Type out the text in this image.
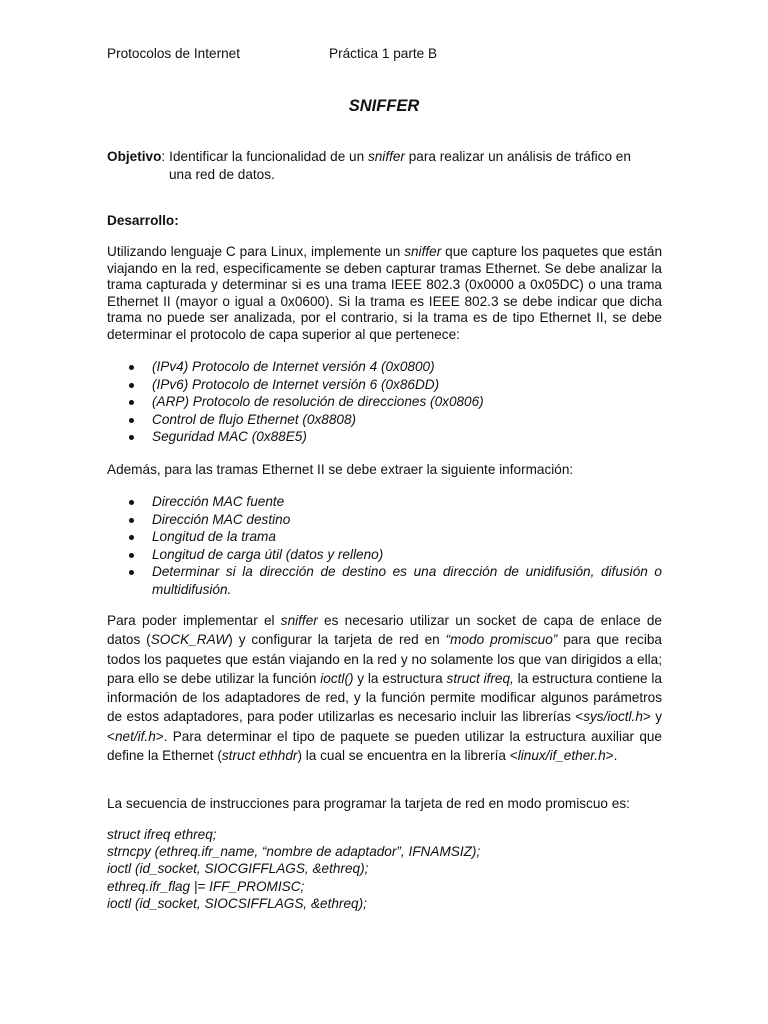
Protocolos de Internet	Práctica 1 parte B
SNIFFER
Objetivo: Identificar la funcionalidad de un sniffer para realizar un análisis de tráfico en
una red de datos.
Desarrollo:
Utilizando lenguaje C para Linux, implemente un sniffer que capture los paquetes que están viajando en la red, especificamente se deben capturar tramas Ethernet. Se debe analizar la trama capturada y determinar si es una trama IEEE 802.3 (0x0000 a 0x05DC) o una trama Ethernet II (mayor o igual a 0x0600). Si la trama es IEEE 802.3 se debe indicar que dicha trama no puede ser analizada, por el contrario, si la trama es de tipo Ethernet II, se debe determinar el protocolo de capa superior al que pertenece:
(IPv4) Protocolo de Internet versión 4 (0x0800)
(IPv6) Protocolo de Internet versión 6 (0x86DD)
(ARP) Protocolo de resolución de direcciones (0x0806)
Control de flujo Ethernet (0x8808)
Seguridad MAC (0x88E5)
Además, para las tramas Ethernet II se debe extraer la siguiente información:
Dirección MAC fuente
Dirección MAC destino
Longitud de la trama
Longitud de carga útil (datos y relleno)
Determinar si la dirección de destino es una dirección de unidifusión, difusión o multidifusión.
Para poder implementar el sniffer es necesario utilizar un socket de capa de enlace de datos (SOCK_RAW) y configurar la tarjeta de red en “modo promiscuo” para que reciba todos los paquetes que están viajando en la red y no solamente los que van dirigidos a ella; para ello se debe utilizar la función ioctl() y la estructura struct ifreq, la estructura contiene la información de los adaptadores de red, y la función permite modificar algunos parámetros de estos adaptadores, para poder utilizarlas es necesario incluir las librerías <sys/ioctl.h> y <net/if.h>. Para determinar el tipo de paquete se pueden utilizar la estructura auxiliar que define la Ethernet (struct ethhdr) la cual se encuentra en la librería <linux/if_ether.h>.
La secuencia de instrucciones para programar la tarjeta de red en modo promiscuo es:
struct ifreq ethreq;
strncpy (ethreq.ifr_name, “nombre de adaptador”, IFNAMSIZ);
ioctl (id_socket, SIOCGIFFLAGS, &ethreq);
ethreq.ifr_flag |= IFF_PROMISC;
ioctl (id_socket, SIOCSIFFLAGS, &ethreq);
